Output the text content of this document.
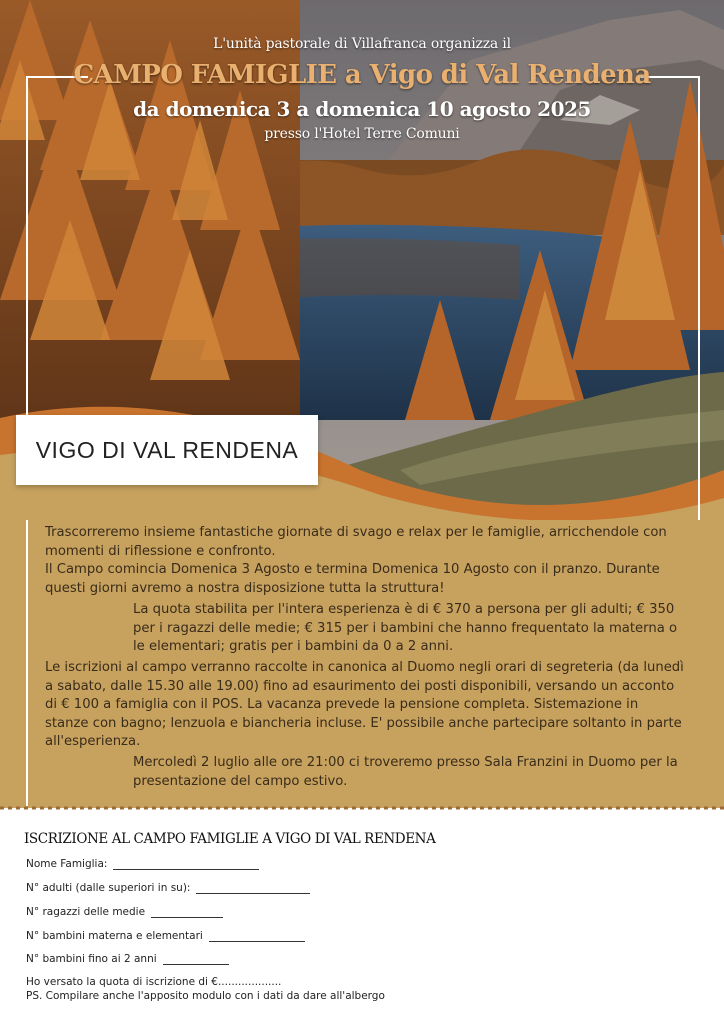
L'unità pastorale di Villafranca organizza il
CAMPO FAMIGLIE a Vigo di Val Rendena
da domenica 3 a domenica 10 agosto 2025
presso l'Hotel Terre Comuni
VIGO DI VAL RENDENA

Trascorreremo insieme fantastiche giornate di svago e relax per le famiglie, arricchendole con momenti di riflessione e confronto.

Il Campo comincia Domenica 3 Agosto e termina Domenica 10 Agosto con il pranzo. Durante questi giorni avremo a nostra disposizione tutta la struttura!

La quota stabilita per l'intera esperienza è di € 370 a persona per gli adulti; € 350 per i ragazzi delle medie; € 315 per i bambini che hanno frequentato la materna o le elementari; gratis per i bambini da 0 a 2 anni.

Le iscrizioni al campo verranno raccolte in canonica al Duomo negli orari di segreteria (da lunedì a sabato, dalle 15.30 alle 19.00) fino ad esaurimento dei posti disponibili, versando un acconto di € 100 a famiglia con il POS. La vacanza prevede la pensione completa. Sistemazione in stanze con bagno; lenzuola e biancheria incluse. E' possibile anche partecipare soltanto in parte all'esperienza.

Mercoledì 2 luglio alle ore 21:00 ci troveremo presso Sala Franzini in Duomo per la presentazione del campo estivo.

ISCRIZIONE AL CAMPO FAMIGLIE A VIGO DI VAL RENDENA
Nome Famiglia:
N° adulti (dalle superiori in su):
N° ragazzi delle medie
N° bambini materna e elementari
N° bambini fino ai 2 anni
Ho versato la quota di iscrizione di €...................
PS. Compilare anche l'apposito modulo con i dati da dare all'albergo
